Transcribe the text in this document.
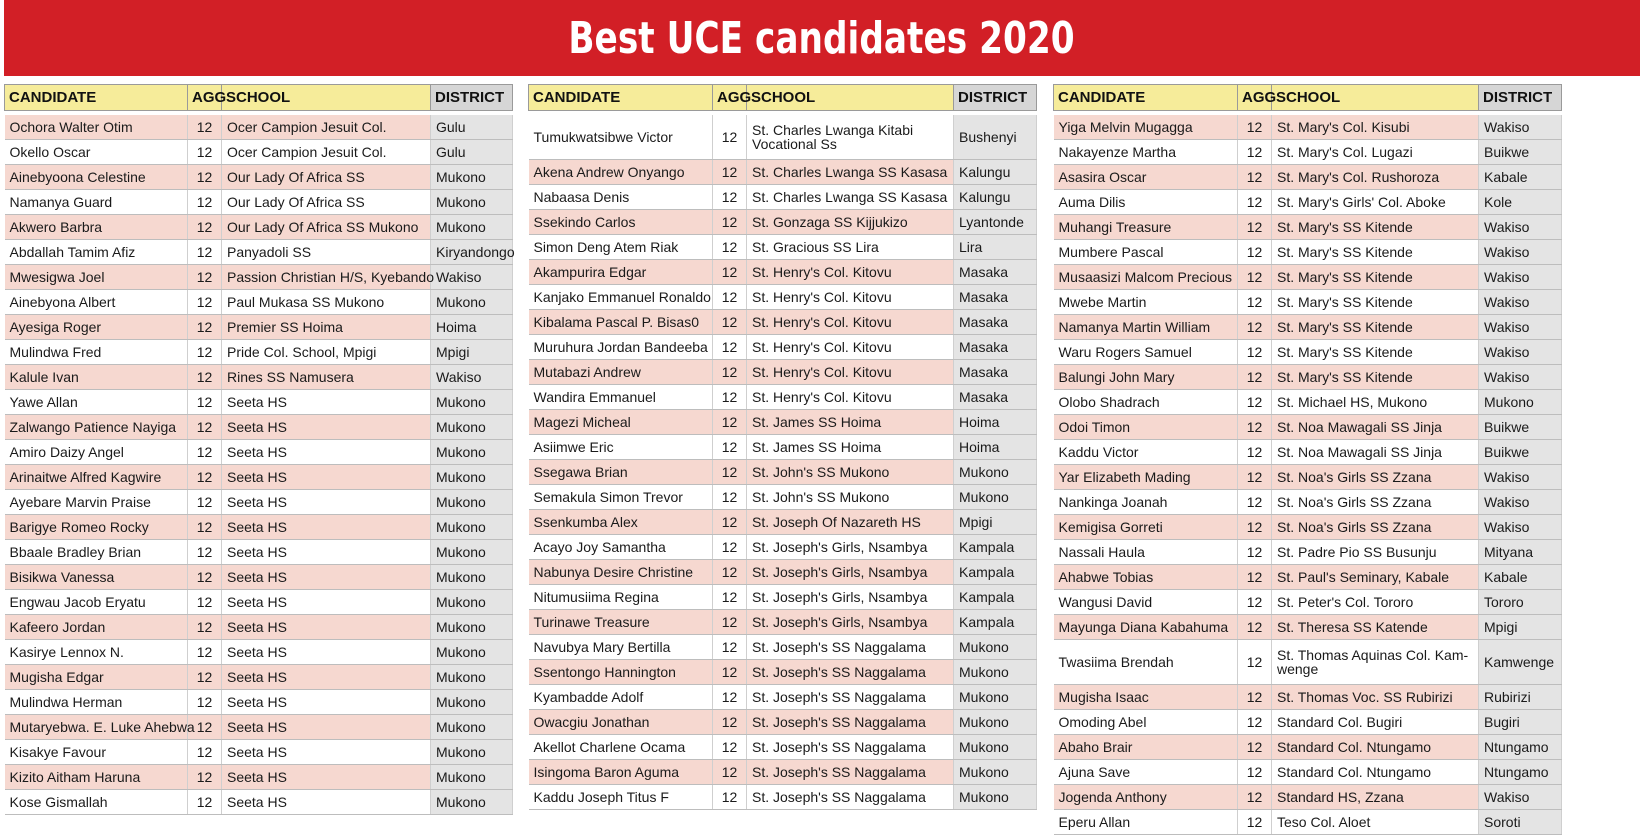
Best UCE candidates 2020
CANDIDATE	AGG	SCHOOL	DISTRICT

Ochora Walter Otim	12	Ocer Campion Jesuit Col.	Gulu
Okello Oscar	12	Ocer Campion Jesuit Col.	Gulu
Ainebyoona Celestine	12	Our Lady Of Africa SS	Mukono
Namanya Guard	12	Our Lady Of Africa SS	Mukono
Akwero Barbra	12	Our Lady Of Africa SS Mukono	Mukono
Abdallah Tamim Afiz	12	Panyadoli SS	Kiryandongo
Mwesigwa Joel	12	Passion Christian H/S, Kyebando	Wakiso
Ainebyona Albert	12	Paul Mukasa SS Mukono	Mukono
Ayesiga Roger	12	Premier SS Hoima	Hoima
Mulindwa Fred	12	Pride Col. School, Mpigi	Mpigi
Kalule Ivan	12	Rines SS Namusera	Wakiso
Yawe Allan	12	Seeta HS	Mukono
Zalwango Patience Nayiga	12	Seeta HS	Mukono
Amiro Daizy Angel	12	Seeta HS	Mukono
Arinaitwe Alfred Kagwire	12	Seeta HS	Mukono
Ayebare Marvin Praise	12	Seeta HS	Mukono
Barigye Romeo Rocky	12	Seeta HS	Mukono
Bbaale Bradley Brian	12	Seeta HS	Mukono
Bisikwa Vanessa	12	Seeta HS	Mukono
Engwau Jacob Eryatu	12	Seeta HS	Mukono
Kafeero Jordan	12	Seeta HS	Mukono
Kasirye Lennox N.	12	Seeta HS	Mukono
Mugisha Edgar	12	Seeta HS	Mukono
Mulindwa Herman	12	Seeta HS	Mukono
Mutaryebwa. E. Luke Ahebwa	12	Seeta HS	Mukono
Kisakye Favour	12	Seeta HS	Mukono
Kizito Aitham Haruna	12	Seeta HS	Mukono
Kose Gismallah	12	Seeta HS	Mukono
CANDIDATE	AGG	SCHOOL	DISTRICT

Tumukwatsibwe Victor	12	St. Charles Lwanga Kitabi Vocational Ss	Bushenyi
Akena Andrew Onyango	12	St. Charles Lwanga SS Kasasa	Kalungu
Nabaasa Denis	12	St. Charles Lwanga SS Kasasa	Kalungu
Ssekindo Carlos	12	St. Gonzaga SS Kijjukizo	Lyantonde
Simon Deng Atem Riak	12	St. Gracious SS Lira	Lira
Akampurira Edgar	12	St. Henry's Col. Kitovu	Masaka
Kanjako Emmanuel Ronaldo	12	St. Henry's Col. Kitovu	Masaka
Kibalama Pascal P. Bisas0	12	St. Henry's Col. Kitovu	Masaka
Muruhura Jordan Bandeeba	12	St. Henry's Col. Kitovu	Masaka
Mutabazi Andrew	12	St. Henry's Col. Kitovu	Masaka
Wandira Emmanuel	12	St. Henry's Col. Kitovu	Masaka
Magezi Micheal	12	St. James SS Hoima	Hoima
Asiimwe Eric	12	St. James SS Hoima	Hoima
Ssegawa Brian	12	St. John's SS Mukono	Mukono
Semakula Simon Trevor	12	St. John's SS Mukono	Mukono
Ssenkumba Alex	12	St. Joseph Of Nazareth HS	Mpigi
Acayo Joy Samantha	12	St. Joseph's Girls, Nsambya	Kampala
Nabunya Desire Christine	12	St. Joseph's Girls, Nsambya	Kampala
Nitumusiima Regina	12	St. Joseph's Girls, Nsambya	Kampala
Turinawe Treasure	12	St. Joseph's Girls, Nsambya	Kampala
Navubya Mary Bertilla	12	St. Joseph's SS Naggalama	Mukono
Ssentongo Hannington	12	St. Joseph's SS Naggalama	Mukono
Kyambadde Adolf	12	St. Joseph's SS Naggalama	Mukono
Owacgiu Jonathan	12	St. Joseph's SS Naggalama	Mukono
Akellot Charlene Ocama	12	St. Joseph's SS Naggalama	Mukono
Isingoma Baron Aguma	12	St. Joseph's SS Naggalama	Mukono
Kaddu Joseph Titus F	12	St. Joseph's SS Naggalama	Mukono
CANDIDATE	AGG	SCHOOL	DISTRICT

Yiga Melvin Mugagga	12	St. Mary's Col. Kisubi	Wakiso
Nakayenze Martha	12	St. Mary's Col. Lugazi	Buikwe
Asasira Oscar	12	St. Mary's Col. Rushoroza	Kabale
Auma Dilis	12	St. Mary's Girls' Col. Aboke	Kole
Muhangi Treasure	12	St. Mary's SS Kitende	Wakiso
Mumbere Pascal	12	St. Mary's SS Kitende	Wakiso
Musaasizi Malcom Precious	12	St. Mary's SS Kitende	Wakiso
Mwebe Martin	12	St. Mary's SS Kitende	Wakiso
Namanya Martin William	12	St. Mary's SS Kitende	Wakiso
Waru Rogers Samuel	12	St. Mary's SS Kitende	Wakiso
Balungi John Mary	12	St. Mary's SS Kitende	Wakiso
Olobo Shadrach	12	St. Michael HS, Mukono	Mukono
Odoi Timon	12	St. Noa Mawagali SS Jinja	Buikwe
Kaddu Victor	12	St. Noa Mawagali SS Jinja	Buikwe
Yar Elizabeth Mading	12	St. Noa's Girls SS Zzana	Wakiso
Nankinga Joanah	12	St. Noa's Girls SS Zzana	Wakiso
Kemigisa Gorreti	12	St. Noa's Girls SS Zzana	Wakiso
Nassali Haula	12	St. Padre Pio SS Busunju	Mityana
Ahabwe Tobias	12	St. Paul's Seminary, Kabale	Kabale
Wangusi David	12	St. Peter's Col. Tororo	Tororo
Mayunga Diana Kabahuma	12	St. Theresa SS Katende	Mpigi
Twasiima Brendah	12	St. Thomas Aquinas Col. Kam-wenge	Kamwenge
Mugisha Isaac	12	St. Thomas Voc. SS Rubirizi	Rubirizi
Omoding Abel	12	Standard Col. Bugiri	Bugiri
Abaho Brair	12	Standard Col. Ntungamo	Ntungamo
Ajuna Save	12	Standard Col. Ntungamo	Ntungamo
Jogenda Anthony	12	Standard HS, Zzana	Wakiso
Eperu Allan	12	Teso Col. Aloet	Soroti
